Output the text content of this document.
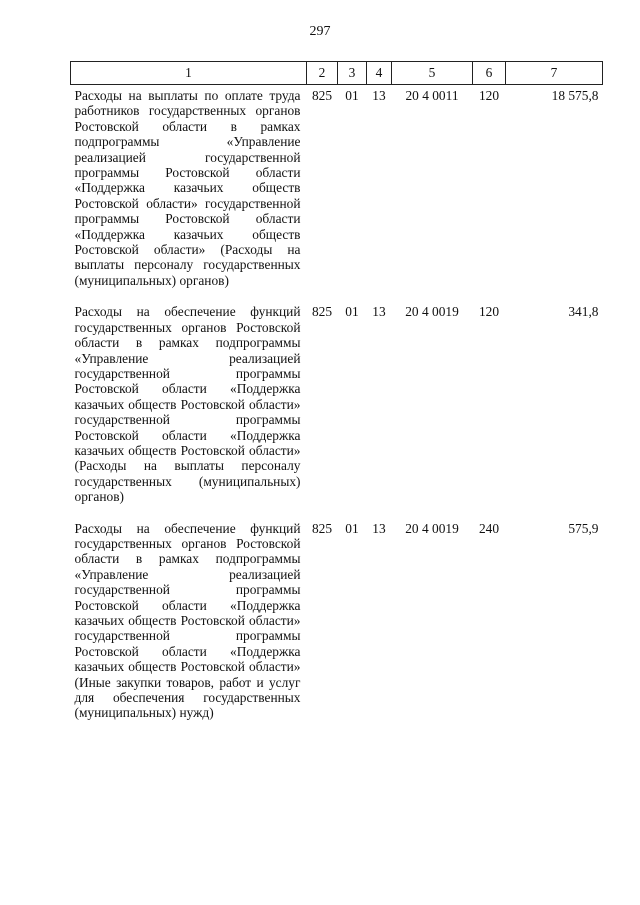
297
1	2	3	4	5	6	7
Расходы на выплаты по оплате труда работников государственных органов Ростовской области в рамках подпрограммы «Управление реализацией государственной программы Ростовской области «Поддержка казачьих обществ Ростовской области» государственной программы Ростовской области «Поддержка казачьих обществ Ростовской области» (Расходы на выплаты персоналу государственных (муниципальных) органов)	825	01	13	20 4 0011	120	18 575,8
Расходы на обеспечение функций государственных органов Ростовской области в рамках подпрограммы «Управление реализацией государственной программы Ростовской области «Поддержка казачьих обществ Ростовской области» государственной программы Ростовской области «Поддержка казачьих обществ Ростовской области» (Расходы на выплаты персоналу государственных (муниципальных) органов)	825	01	13	20 4 0019	120	341,8
Расходы на обеспечение функций государственных органов Ростовской области в рамках подпрограммы «Управление реализацией государственной программы Ростовской области «Поддержка казачьих обществ Ростовской области» государственной программы Ростовской области «Поддержка казачьих обществ Ростовской области» (Иные закупки товаров, работ и услуг для обеспечения государственных (муниципальных) нужд)	825	01	13	20 4 0019	240	575,9
